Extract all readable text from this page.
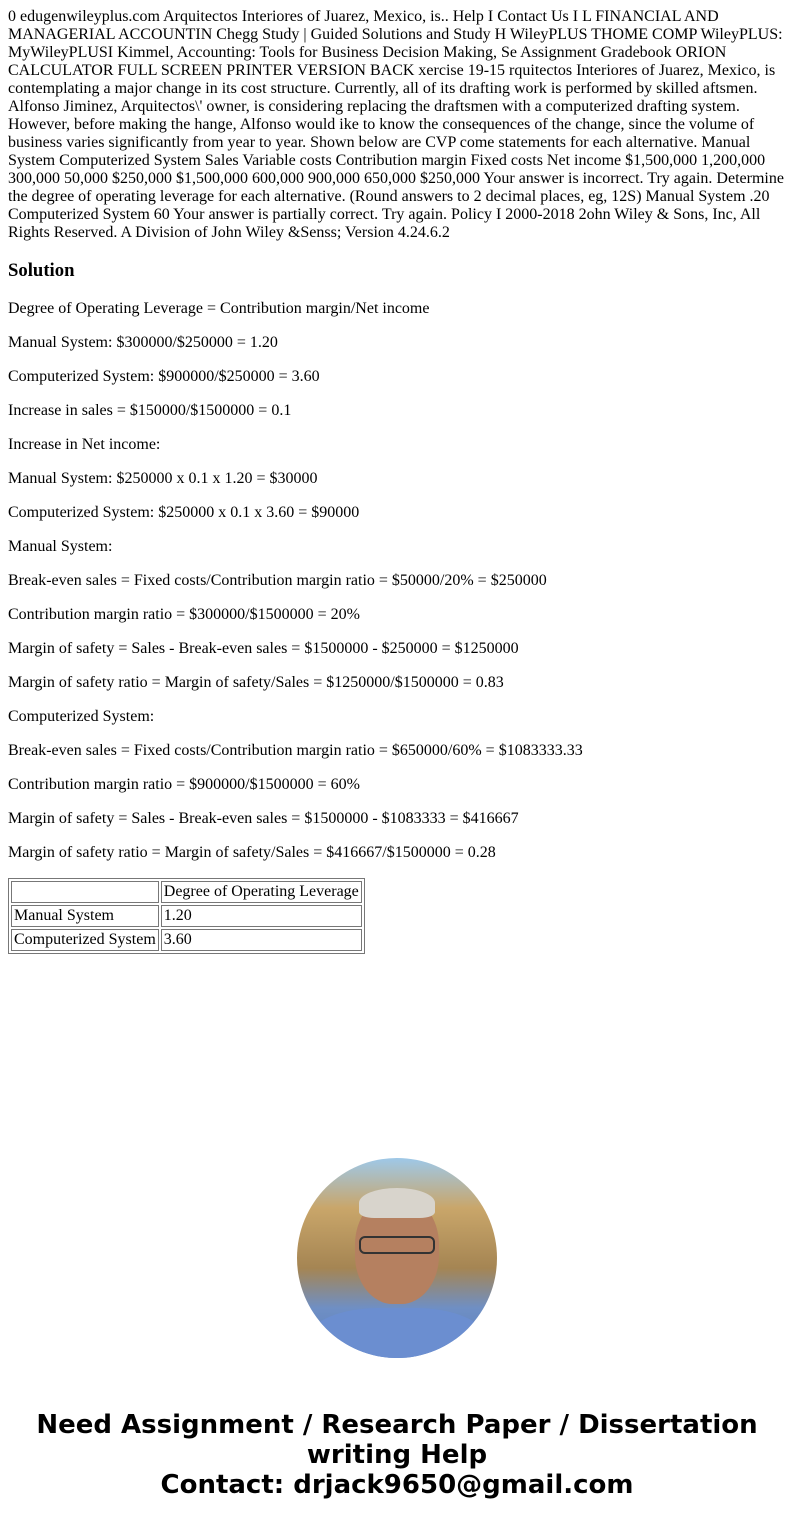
0 edugenwileyplus.com Arquitectos Interiores of Juarez, Mexico, is.. Help I Contact Us I L FINANCIAL AND MANAGERIAL ACCOUNTIN Chegg Study | Guided Solutions and Study H WileyPLUS THOME COMP WileyPLUS: MyWileyPLUSI Kimmel, Accounting: Tools for Business Decision Making, Se Assignment Gradebook ORION CALCULATOR FULL SCREEN PRINTER VERSION BACK xercise 19-15 rquitectos Interiores of Juarez, Mexico, is contemplating a major change in its cost structure. Currently, all of its drafting work is performed by skilled aftsmen. Alfonso Jiminez, Arquitectos\' owner, is considering replacing the draftsmen with a computerized drafting system. However, before making the hange, Alfonso would ike to know the consequences of the change, since the volume of business varies significantly from year to year. Shown below are CVP come statements for each alternative. Manual System Computerized System Sales Variable costs Contribution margin Fixed costs Net income $1,500,000 1,200,000 300,000 50,000 $250,000 $1,500,000 600,000 900,000 650,000 $250,000 Your answer is incorrect. Try again. Determine the degree of operating leverage for each alternative. (Round answers to 2 decimal places, eg, 12S) Manual System .20 Computerized System 60 Your answer is partially correct. Try again. Policy I 2000-2018 2ohn Wiley & Sons, Inc, All Rights Reserved. A Division of John Wiley &Senss; Version 4.24.6.2

Solution

Degree of Operating Leverage = Contribution margin/Net income

Manual System: $300000/$250000 = 1.20

Computerized System: $900000/$250000 = 3.60

Increase in sales = $150000/$1500000 = 0.1

Increase in Net income:

Manual System: $250000 x 0.1 x 1.20 = $30000

Computerized System: $250000 x 0.1 x 3.60 = $90000

Manual System:

Break-even sales = Fixed costs/Contribution margin ratio = $50000/20% = $250000

Contribution margin ratio = $300000/$1500000 = 20%

Margin of safety = Sales - Break-even sales = $1500000 - $250000 = $1250000

Margin of safety ratio = Margin of safety/Sales = $1250000/$1500000 = 0.83

Computerized System:

Break-even sales = Fixed costs/Contribution margin ratio = $650000/60% = $1083333.33

Contribution margin ratio = $900000/$1500000 = 60%

Margin of safety = Sales - Break-even sales = $1500000 - $1083333 = $416667

Margin of safety ratio = Margin of safety/Sales = $416667/$1500000 = 0.28

	Degree of Operating Leverage
Manual System	1.20
Computerized System	3.60
Need Assignment / Research Paper / Dissertation writing Help
Contact: drjack9650@gmail.com
